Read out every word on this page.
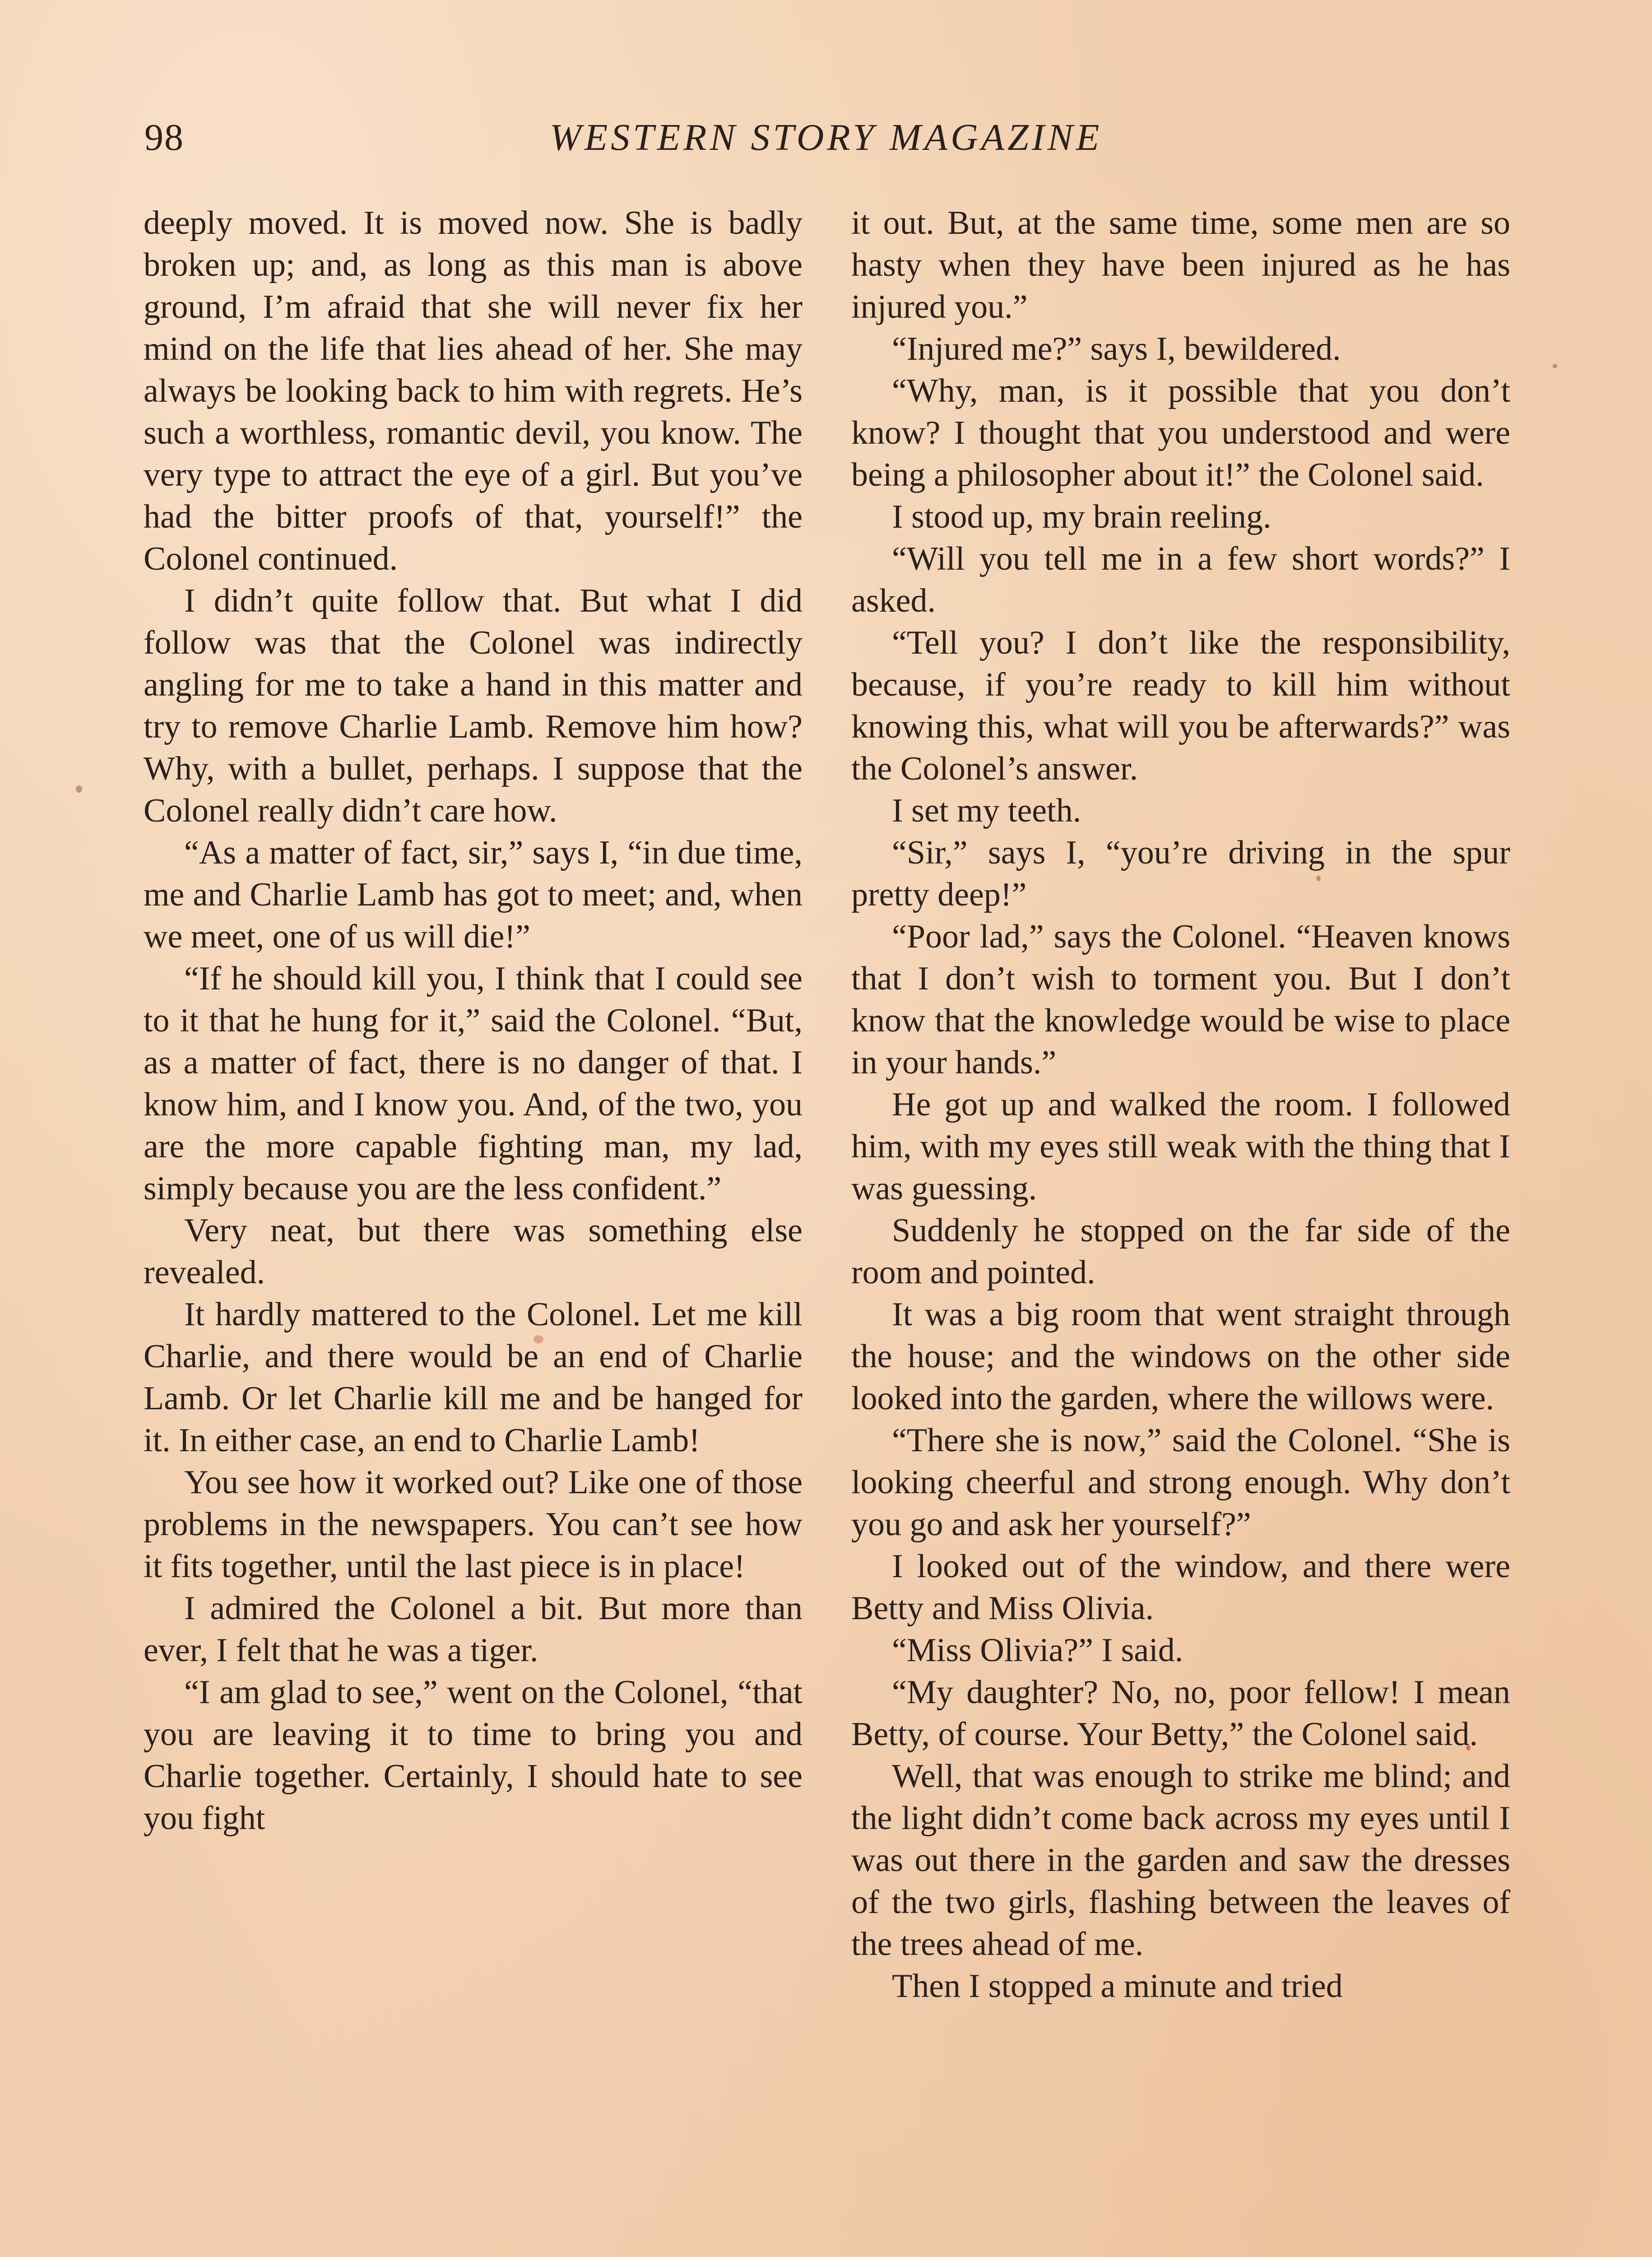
98	WESTERN STORY MAGAZINE

deeply moved. It is moved now. She is badly broken up; and, as long as this man is above ground, I’m afraid that she will never fix her mind on the life that lies ahead of her. She may always be looking back to him with regrets. He’s such a worthless, romantic devil, you know. The very type to attract the eye of a girl. But you’ve had the bitter proofs of that, yourself!” the Colonel continued.

I didn’t quite follow that. But what I did follow was that the Colonel was indirectly angling for me to take a hand in this matter and try to remove Charlie Lamb. Remove him how? Why, with a bullet, perhaps. I suppose that the Colonel really didn’t care how.

“As a matter of fact, sir,” says I, “in due time, me and Charlie Lamb has got to meet; and, when we meet, one of us will die!”

“If he should kill you, I think that I could see to it that he hung for it,” said the Colonel. “But, as a matter of fact, there is no danger of that. I know him, and I know you. And, of the two, you are the more capable fighting man, my lad, simply because you are the less confident.”

Very neat, but there was something else revealed.

It hardly mattered to the Colonel. Let me kill Charlie, and there would be an end of Charlie Lamb. Or let Charlie kill me and be hanged for it. In either case, an end to Charlie Lamb!

You see how it worked out? Like one of those problems in the newspapers. You can’t see how it fits together, until the last piece is in place!

I admired the Colonel a bit. But more than ever, I felt that he was a tiger.

“I am glad to see,” went on the Colonel, “that you are leaving it to time to bring you and Charlie together. Certainly, I should hate to see you fight

it out. But, at the same time, some men are so hasty when they have been injured as he has injured you.”

“Injured me?” says I, bewildered.

“Why, man, is it possible that you don’t know? I thought that you understood and were being a philosopher about it!” the Colonel said.

I stood up, my brain reeling.

“Will you tell me in a few short words?” I asked.

“Tell you? I don’t like the responsibility, because, if you’re ready to kill him without knowing this, what will you be afterwards?” was the Colonel’s answer.

I set my teeth.

“Sir,” says I, “you’re driving in the spur pretty deep!”

“Poor lad,” says the Colonel. “Heaven knows that I don’t wish to torment you. But I don’t know that the knowledge would be wise to place in your hands.”

He got up and walked the room. I followed him, with my eyes still weak with the thing that I was guessing.

Suddenly he stopped on the far side of the room and pointed.

It was a big room that went straight through the house; and the windows on the other side looked into the garden, where the willows were.

“There she is now,” said the Colonel. “She is looking cheerful and strong enough. Why don’t you go and ask her yourself?”

I looked out of the window, and there were Betty and Miss Olivia.

“Miss Olivia?” I said.

“My daughter? No, no, poor fellow! I mean Betty, of course. Your Betty,” the Colonel said.

Well, that was enough to strike me blind; and the light didn’t come back across my eyes until I was out there in the garden and saw the dresses of the two girls, flashing between the leaves of the trees ahead of me.

Then I stopped a minute and tried
